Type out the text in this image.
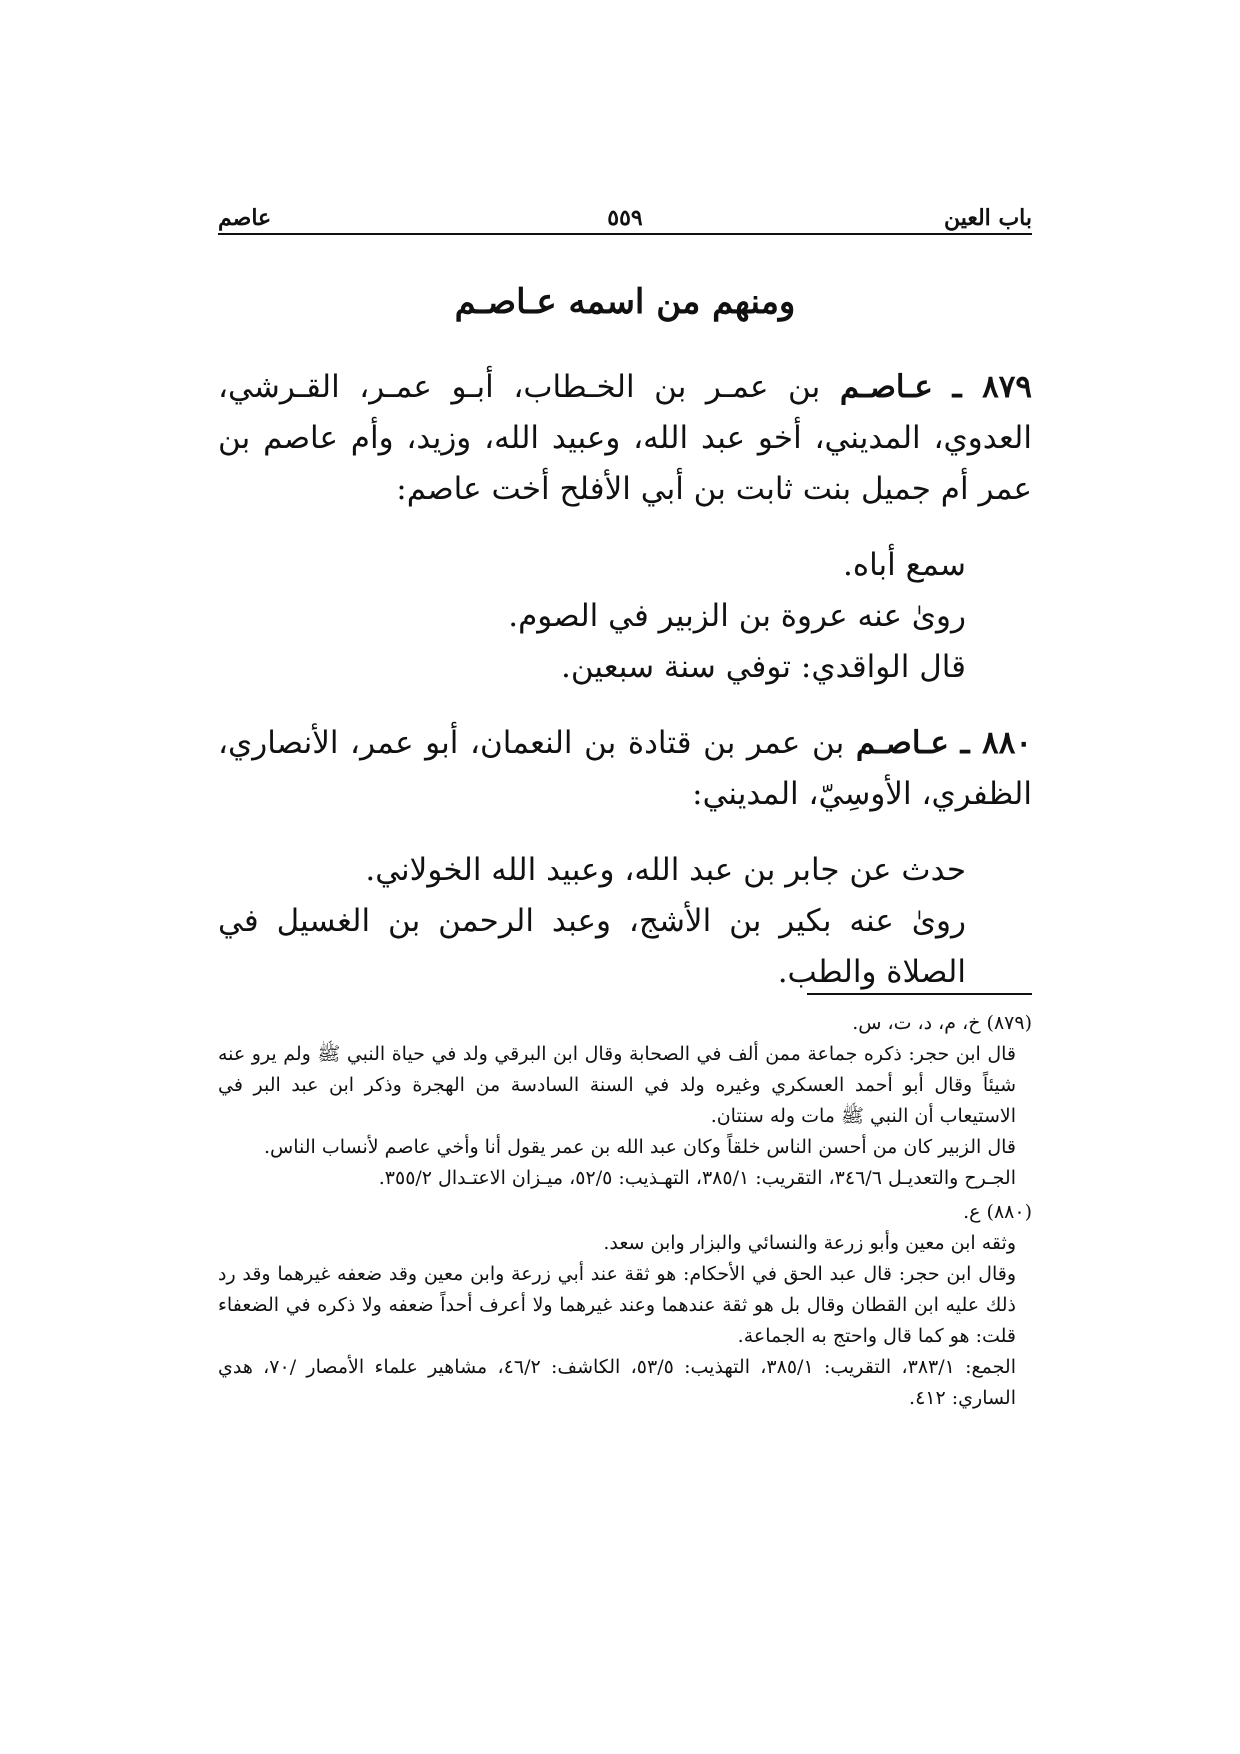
باب العين
٥٥٩
عاصم
ومنهم من اسمه عـاصـم

٨٧٩ ـ عـاصـم بن عمـر بن الخـطاب، أبـو عمـر، القـرشي، العدوي، المديني، أخو عبد الله، وعبيد الله، وزيد، وأم عاصم بن عمر أم جميل بنت ثابت بن أبي الأفلح أخت عاصم:

سمع أباه.

روىٰ عنه عروة بن الزبير في الصوم.

قال الواقدي: توفي سنة سبعين.

٨٨٠ ـ عـاصـم بن عمر بن قتادة بن النعمان، أبو عمر، الأنصاري، الظفري، الأوسِيّ، المديني:

حدث عن جابر بن عبد الله، وعبيد الله الخولاني.

روىٰ عنه بكير بن الأشج، وعبد الرحمن بن الغسيل في الصلاة والطب.

(٨٧٩) خ، م، د، ت، س.

قال ابن حجر: ذكره جماعة ممن ألف في الصحابة وقال ابن البرقي ولد في حياة النبي ﷺ ولم يرو عنه شيئاً وقال أبو أحمد العسكري وغيره ولد في السنة السادسة من الهجرة وذكر ابن عبد البر في الاستيعاب أن النبي ﷺ مات وله سنتان.

قال الزبير كان من أحسن الناس خلقاً وكان عبد الله بن عمر يقول أنا وأخي عاصم لأنساب الناس.

الجـرح والتعديـل ٣٤٦/٦، التقريب: ٣٨٥/١، التهـذيب: ٥٢/٥، ميـزان الاعتـدال ٣٥٥/٢.

(٨٨٠) ع.

وثقه ابن معين وأبو زرعة والنسائي والبزار وابن سعد.

وقال ابن حجر: قال عبد الحق في الأحكام: هو ثقة عند أبي زرعة وابن معين وقد ضعفه غيرهما وقد رد ذلك عليه ابن القطان وقال بل هو ثقة عندهما وعند غيرهما ولا أعرف أحداً ضعفه ولا ذكره في الضعفاء قلت: هو كما قال واحتج به الجماعة.

الجمع: ٣٨٣/١، التقريب: ٣٨٥/١، التهذيب: ٥٣/٥، الكاشف: ٤٦/٢، مشاهير علماء الأمصار /٧٠، هدي الساري: ٤١٢.
